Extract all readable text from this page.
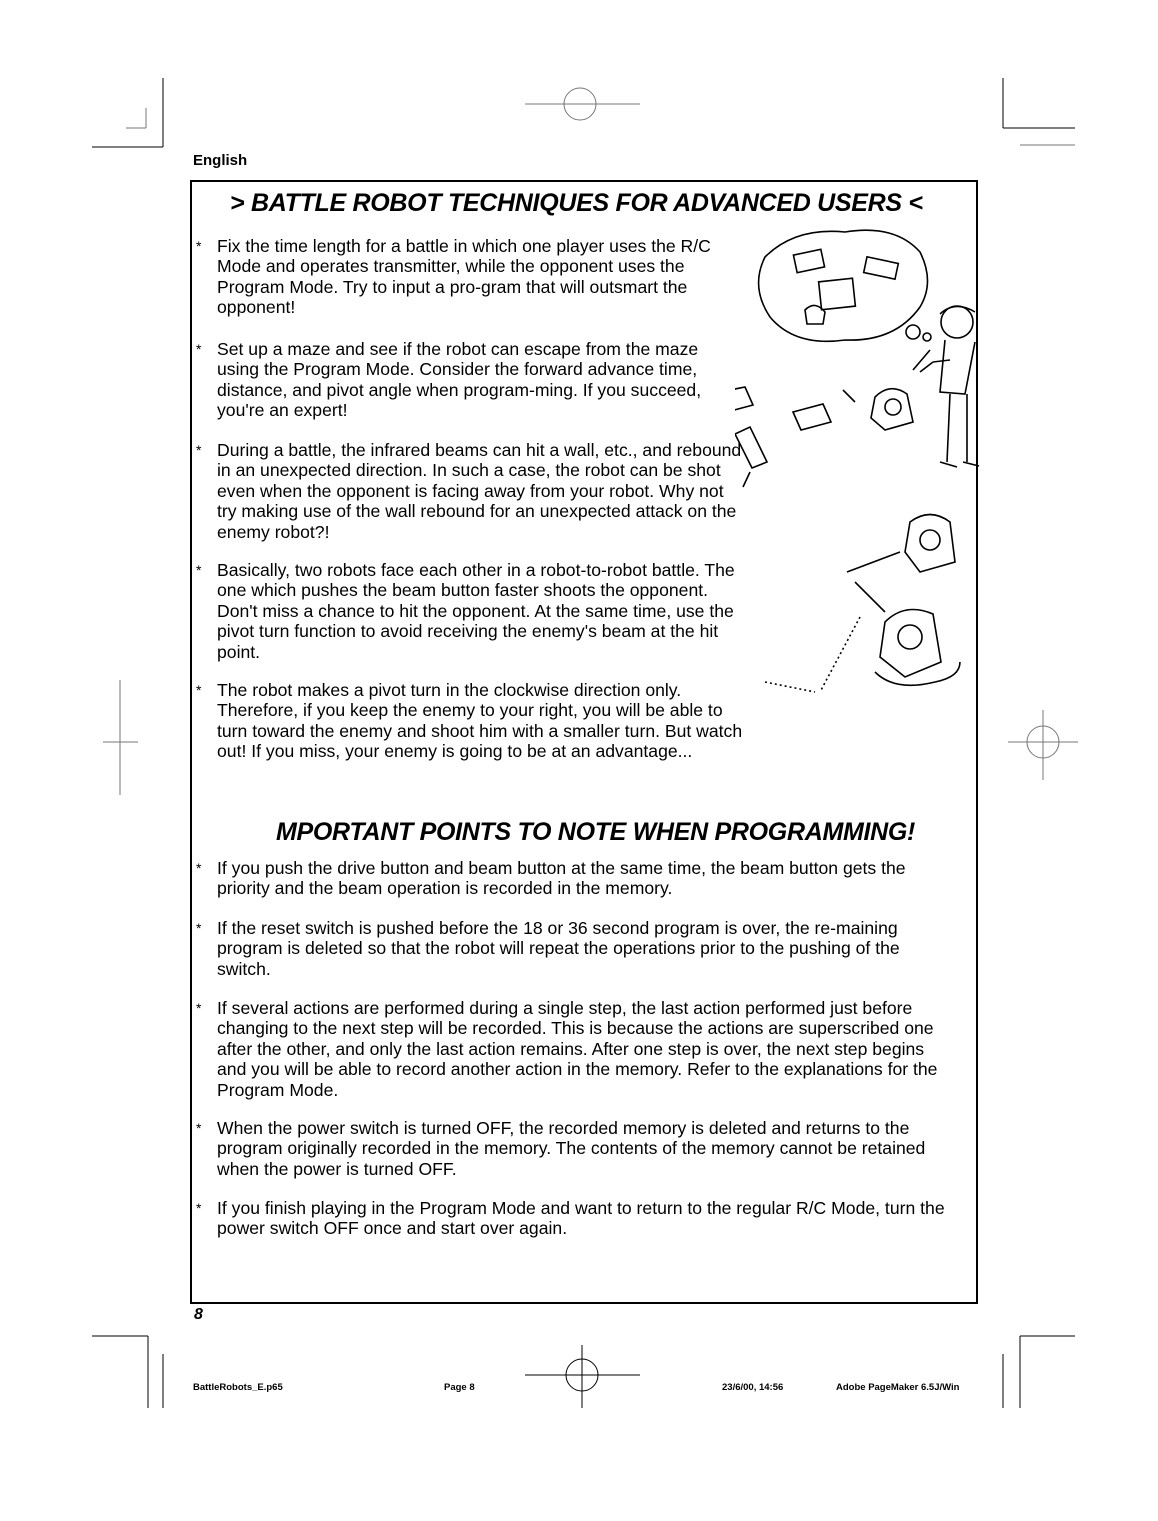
English
> BATTLE ROBOT TECHNIQUES FOR ADVANCED USERS <
* Fix the time length for a battle in which one player uses the R/C Mode and operates transmitter, while the opponent uses the Program Mode. Try to input a pro-gram that will outsmart the opponent!
* Set up a maze and see if the robot can escape from the maze using the Program Mode. Consider the forward advance time, distance, and pivot angle when program-ming. If you succeed, you're an expert!
* During a battle, the infrared beams can hit a wall, etc., and rebound in an unexpected direction. In such a case, the robot can be shot even when the opponent is facing away from your robot. Why not try making use of the wall rebound for an unexpected attack on the enemy robot?!
* Basically, two robots face each other in a robot-to-robot battle. The one which pushes the beam button faster shoots the opponent. Don't miss a chance to hit the opponent. At the same time, use the pivot turn function to avoid receiving the enemy's beam at the hit point.
* The robot makes a pivot turn in the clockwise direction only. Therefore, if you keep the enemy to your right, you will be able to turn toward the enemy and shoot him with a smaller turn. But watch out! If you miss, your enemy is going to be at an advantage...
MPORTANT POINTS TO NOTE WHEN PROGRAMMING!
* If you push the drive button and beam button at the same time, the beam button gets the priority and the beam operation is recorded in the memory.
* If the reset switch is pushed before the 18 or 36 second program is over, the re-maining program is deleted so that the robot will repeat the operations prior to the pushing of the switch.
* If several actions are performed during a single step, the last action performed just before changing to the next step will be recorded. This is because the actions are superscribed one after the other, and only the last action remains. After one step is over, the next step begins and you will be able to record another action in the memory. Refer to the explanations for the Program Mode.
* When the power switch is turned OFF, the recorded memory is deleted and returns to the program originally recorded in the memory. The contents of the memory cannot be retained when the power is turned OFF.
* If you finish playing in the Program Mode and want to return to the regular R/C Mode, turn the power switch OFF once and start over again.
8
BattleRobots_E.p65	Page 8	23/6/00, 14:56	Adobe PageMaker 6.5J/Win
